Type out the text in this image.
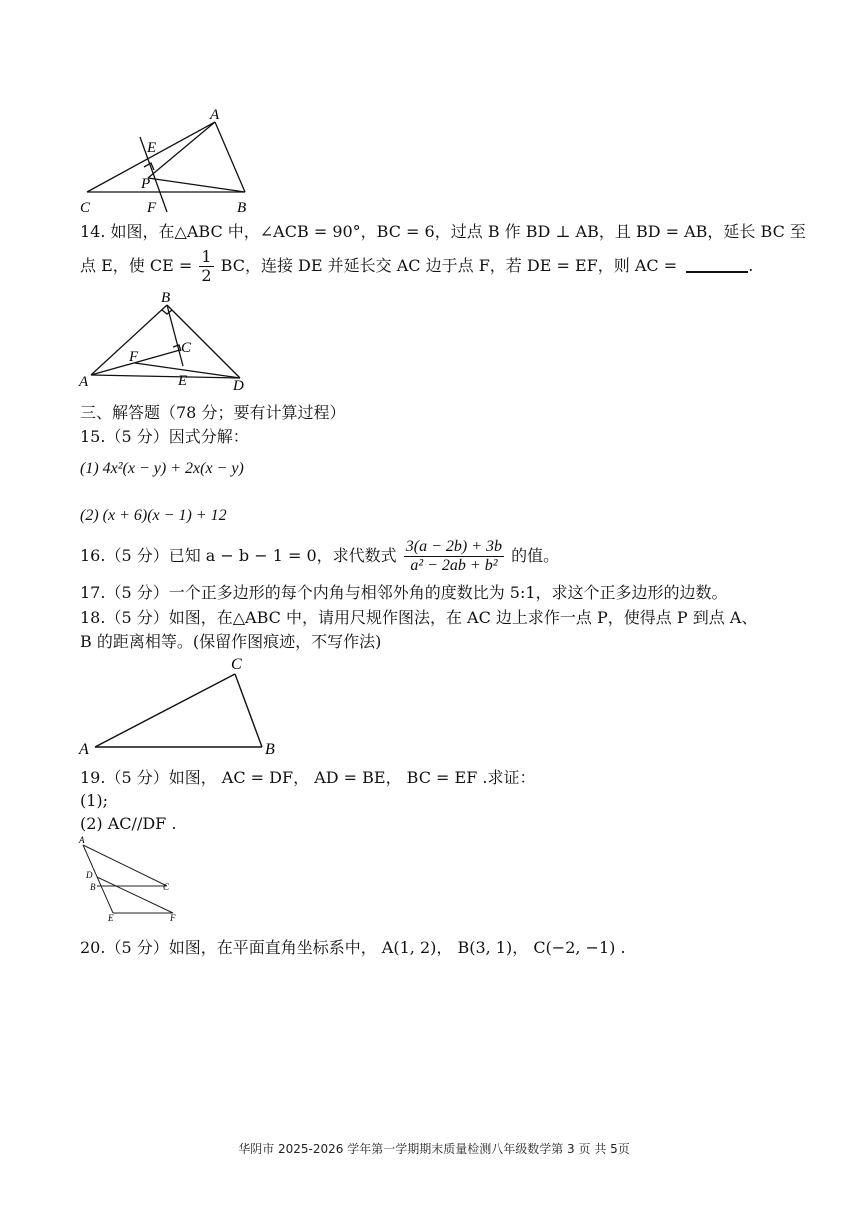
A
E
P
C	F	B
14. 如图，在△ABC 中，∠ACB = 90°，BC = 6，过点 B 作 BD ⊥ AB，且 BD = AB，延长 BC 至
点 E，使 CE = $\frac{1}{2}$ BC，连接 DE 并延长交 AC 边于点 F，若 DE = EF，则 AC =	.
B
C
F
A	E	D
三、解答题（78 分；要有计算过程）
15.（5 分）因式分解：
(1) 4x²(x − y) + 2x(x − y)
(2) (x + 6)(x − 1) + 12
16.（5 分）已知 a − b − 1 = 0，求代数式 $\frac{3(a - 2b) + 3b}{\text{a² − 2ab + b²}}$ 的值。
17.（5 分）一个正多边形的每个内角与相邻外角的度数比为 5:1，求这个正多边形的边数。
18.（5 分）如图，在△ABC 中，请用尺规作图法，在 AC 边上求作一点 P，使得点 P 到点 A、
B 的距离相等。(保留作图痕迹，不写作法)
C
A	B
19.（5 分）如图， AC = DF， AD = BE， BC = EF .求证：
(1);
(2) AC//DF .
A
D
B	C
E	F
20.（5 分）如图，在平面直角坐标系中， A(1, 2)， B(3, 1)， C(−2, −1) .
华阴市 2025-2026 学年第一学期期末质量检测八年级数学第 3 页 共 5页
